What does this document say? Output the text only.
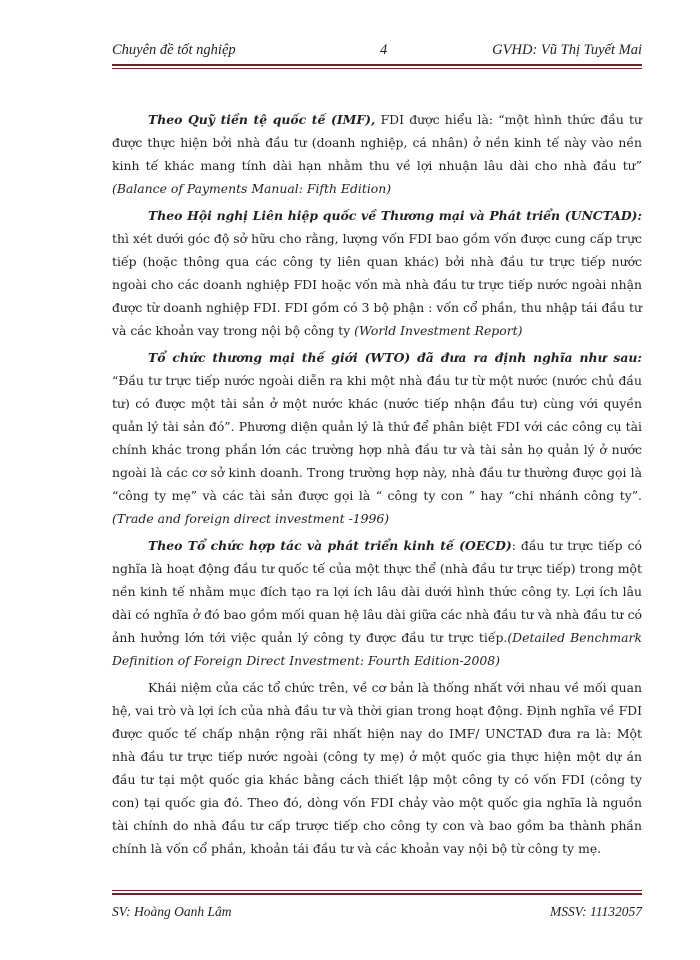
Chuyên đề tốt nghiệp	4	GVHD: Vũ Thị Tuyết Mai

Theo Quỹ tiền tệ quốc tế (IMF), FDI được hiểu là: “một hình thức đầu tư được thực hiện bởi nhà đầu tư (doanh nghiệp, cá nhân) ở nền kinh tế này vào nền kinh tế khác mang tính dài hạn nhằm thu về lợi nhuận lâu dài cho nhà đầu tư” (Balance of Payments Manual: Fifth Edition)

Theo Hội nghị Liên hiệp quốc về Thương mại và Phát triển (UNCTAD): thì xét dưới góc độ sở hữu cho rằng, lượng vốn FDI bao gồm vốn được cung cấp trực tiếp (hoặc thông qua các công ty liên quan khác) bởi nhà đầu tư trực tiếp nước ngoài cho các doanh nghiệp FDI hoặc vốn mà nhà đầu tư trực tiếp nước ngoài nhận được từ doanh nghiệp FDI. FDI gồm có 3 bộ phận : vốn cổ phần, thu nhập tái đầu tư và các khoản vay trong nội bộ công ty (World Investment Report)

Tổ chức thương mại thế giới (WTO) đã đưa ra định nghĩa như sau: “Đầu tư trực tiếp nước ngoài diễn ra khi một nhà đầu tư từ một nước (nước chủ đầu tư) có được một tài sản ở một nước khác (nước tiếp nhận đầu tư) cùng với quyền quản lý tài sản đó”. Phương diện quản lý là thứ để phân biệt FDI với các công cụ tài chính khác trong phần lớn các trường hợp nhà đầu tư và tài sản họ quản lý ở nước ngoài là các cơ sở kinh doanh. Trong trường hợp này, nhà đầu tư thường được gọi là “công ty mẹ” và các tài sản được gọi là “ công ty con ” hay “chi nhánh công ty”. (Trade and foreign direct investment -1996)

Theo Tổ chức hợp tác và phát triển kinh tế (OECD): đầu tư trực tiếp có nghĩa là hoạt động đầu tư quốc tế của một thực thể (nhà đầu tư trực tiếp) trong một nền kinh tế nhằm mục đích tạo ra lợi ích lâu dài dưới hình thức công ty. Lợi ích lâu dài có nghĩa ở đó bao gồm mối quan hệ lâu dài giữa các nhà đầu tư và nhà đầu tư có ảnh hưởng lớn tới việc quản lý công ty được đầu tư trực tiếp.(Detailed Benchmark Definition of Foreign Direct Investment: Fourth Edition-2008)

Khái niệm của các tổ chức trên, về cơ bản là thống nhất với nhau về mối quan hệ, vai trò và lợi ích của nhà đầu tư và thời gian trong hoạt động. Định nghĩa về FDI được quốc tế chấp nhận rộng rãi nhất hiện nay do IMF/ UNCTAD đưa ra là: Một nhà đầu tư trực tiếp nước ngoài (công ty mẹ) ở một quốc gia thực hiện một dự án đầu tư tại một quốc gia khác bằng cách thiết lập một công ty có vốn FDI (công ty con) tại quốc gia đó. Theo đó, dòng vốn FDI chảy vào một quốc gia nghĩa là nguồn tài chính do nhà đầu tư cấp trược tiếp cho công ty con và bao gồm ba thành phần chính là vốn cổ phần, khoản tái đầu tư và các khoản vay nội bộ từ công ty mẹ.

SV: Hoàng Oanh Lâm	MSSV: 11132057
